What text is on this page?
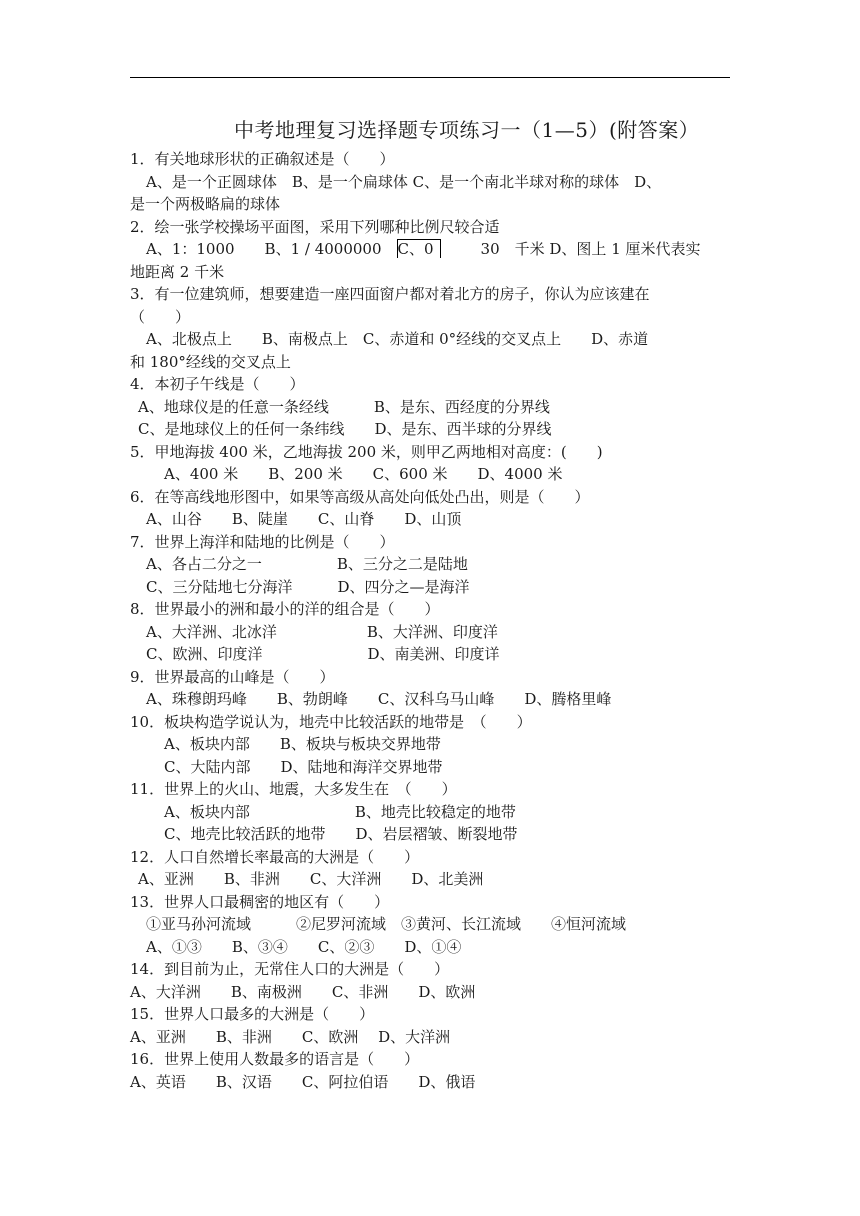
中考地理复习选择题专项练习一（1—5）(附答案）
1．有关地球形状的正确叙述是（　　）
A、是一个正圆球体　B、是一个扁球体 C、是一个南北半球对称的球体　D、
是一个两极略扁的球体
2．绘一张学校操场平面图，采用下列哪种比例尺较合适
A、1：1000　　B、1 / 4000000　C、0	30　千米 D、图上 1 厘米代表实
地距离 2 千米
3．有一位建筑师，想要建造一座四面窗户都对着北方的房子，你认为应该建在
（　　）
A、北极点上　　B、南极点上　C、赤道和 0°经线的交叉点上　　D、赤道
和 180°经线的交叉点上
4．本初子午线是（　　）
A、地球仪是的任意一条经线　　　B、是东、西经度的分界线
C、是地球仪上的任何一条纬线　　D、是东、西半球的分界线
5．甲地海拔 400 米，乙地海拔 200 米，则甲乙两地相对高度：(　　)
A、400 米　　B、200 米　　C、600 米　　D、4000 米
6．在等高线地形图中，如果等高级从高处向低处凸出，则是（　　）
A、山谷　　B、陡崖　　C、山脊　　D、山顶
7．世界上海洋和陆地的比例是（　　）
A、各占二分之一　　　　　B、三分之二是陆地
C、三分陆地七分海洋　　　D、四分之—是海洋
8．世界最小的洲和最小的洋的组合是（　　）
A、大洋洲、北冰洋　　　　　　B、大洋洲、印度洋
C、欧洲、印度洋　　　　　　　D、南美洲、印度详
9．世界最高的山峰是（　　）
A、珠穆朗玛峰　　B、勃朗峰　　C、汉科乌马山峰　　D、腾格里峰
10．板块构造学说认为，地壳中比较活跃的地带是　（　　）
A、板块内部　　B、板块与板块交界地带
C、大陆内部　　D、陆地和海洋交界地带
11．世界上的火山、地震，大多发生在　（　　）
A、板块内部　　　　　　　B、地壳比较稳定的地带
C、地壳比较活跃的地带　　D、岩层褶皱、断裂地带
12．人口自然增长率最高的大洲是（　　）
A、亚洲　　B、非洲　　C、大洋洲　　D、北美洲
13．世界人口最稠密的地区有（　　）
①亚马孙河流域　　　②尼罗河流域　③黄河、长江流域　　④恒河流域
A、①③　　B、③④　　C、②③　　D、①④
14．到目前为止，无常住人口的大洲是（　　）
A、大洋洲　　B、南极洲　　C、非洲　　D、欧洲
15．世界人口最多的大洲是（　　）
A、亚洲　　B、非洲　　C、欧洲　 D、大洋洲
16．世界上使用人数最多的语言是（　　）
A、英语　　B、汉语　　C、阿拉伯语　　D、俄语
